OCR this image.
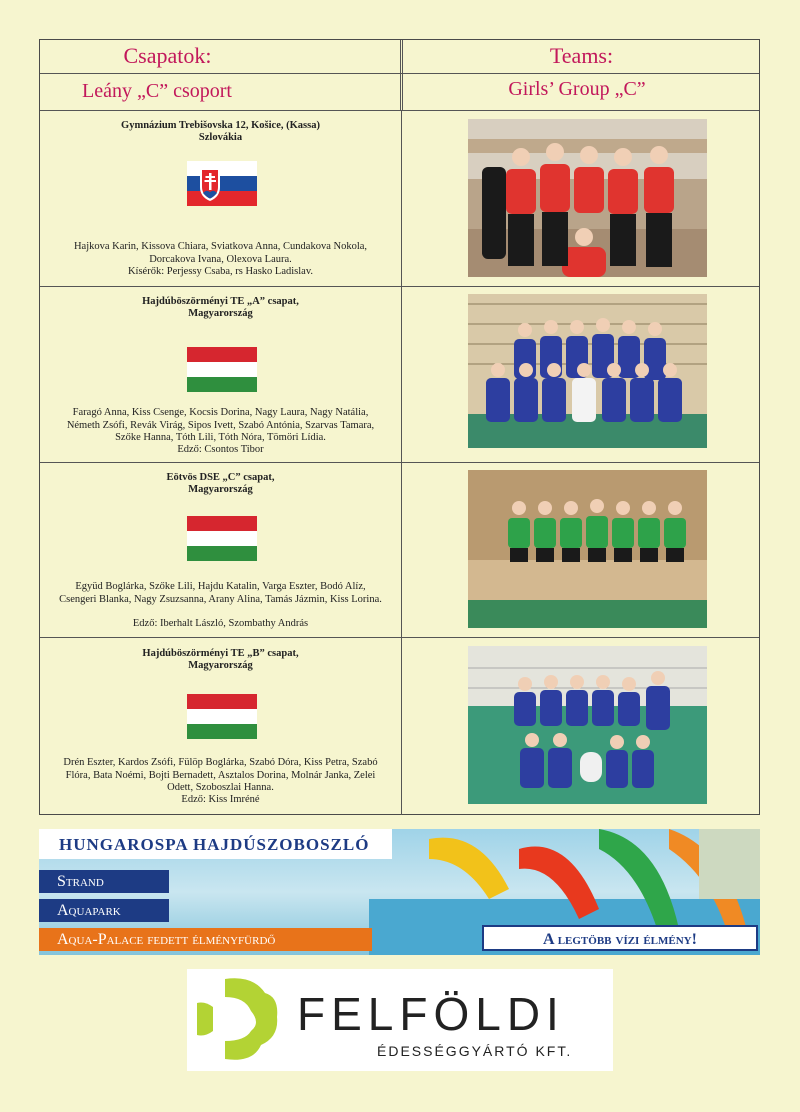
Csapatok:	Teams:
Leány „C” csoport	Girls’ Group „C”
Gymnázium Trebišovska 12, Košice, (Kassa)
Szlovákia
Hajkova Karin, Kissova Chiara, Sviatkova Anna, Cundakova Nokola, Dorcakova Ivana, Olexova Laura.
Kísérők: Perjessy Csaba, rs Hasko Ladislav.
Hajdúböszörményi TE „A” csapat,
Magyarország
Faragó Anna, Kiss Csenge, Kocsis Dorina, Nagy Laura, Nagy Natália, Németh Zsófi, Revák Virág, Sipos Ivett, Szabó Antónia, Szarvas Tamara, Szőke Hanna, Tóth Lili, Tóth Nóra, Tömöri Lídia.
Edző: Csontos Tibor
Eötvös DSE „C” csapat,
Magyarország
Együd Boglárka, Szőke Lili, Hajdu Katalin, Varga Eszter, Bodó Alíz, Csengeri Blanka, Nagy Zsuzsanna, Arany Alina, Tamás Jázmin, Kiss Lorina.
Edző: Iberhalt László, Szombathy András
Hajdúböszörményi TE „B” csapat,
Magyarország
Drén Eszter, Kardos Zsófi, Fülöp Boglárka, Szabó Dóra, Kiss Petra, Szabó Flóra, Bata Noémi, Bojti Bernadett, Asztalos Dorina, Molnár Janka, Zelei Odett, Szoboszlai Hanna.
Edző: Kiss Imréné
HUNGAROSPA HAJDÚSZOBOSZLÓ
Strand
Aquapark
Aqua-Palace fedett élményfürdő	A legtöbb vízi élmény!
FELFÖLDI
ÉDESSÉGGYÁRTÓ KFT.
